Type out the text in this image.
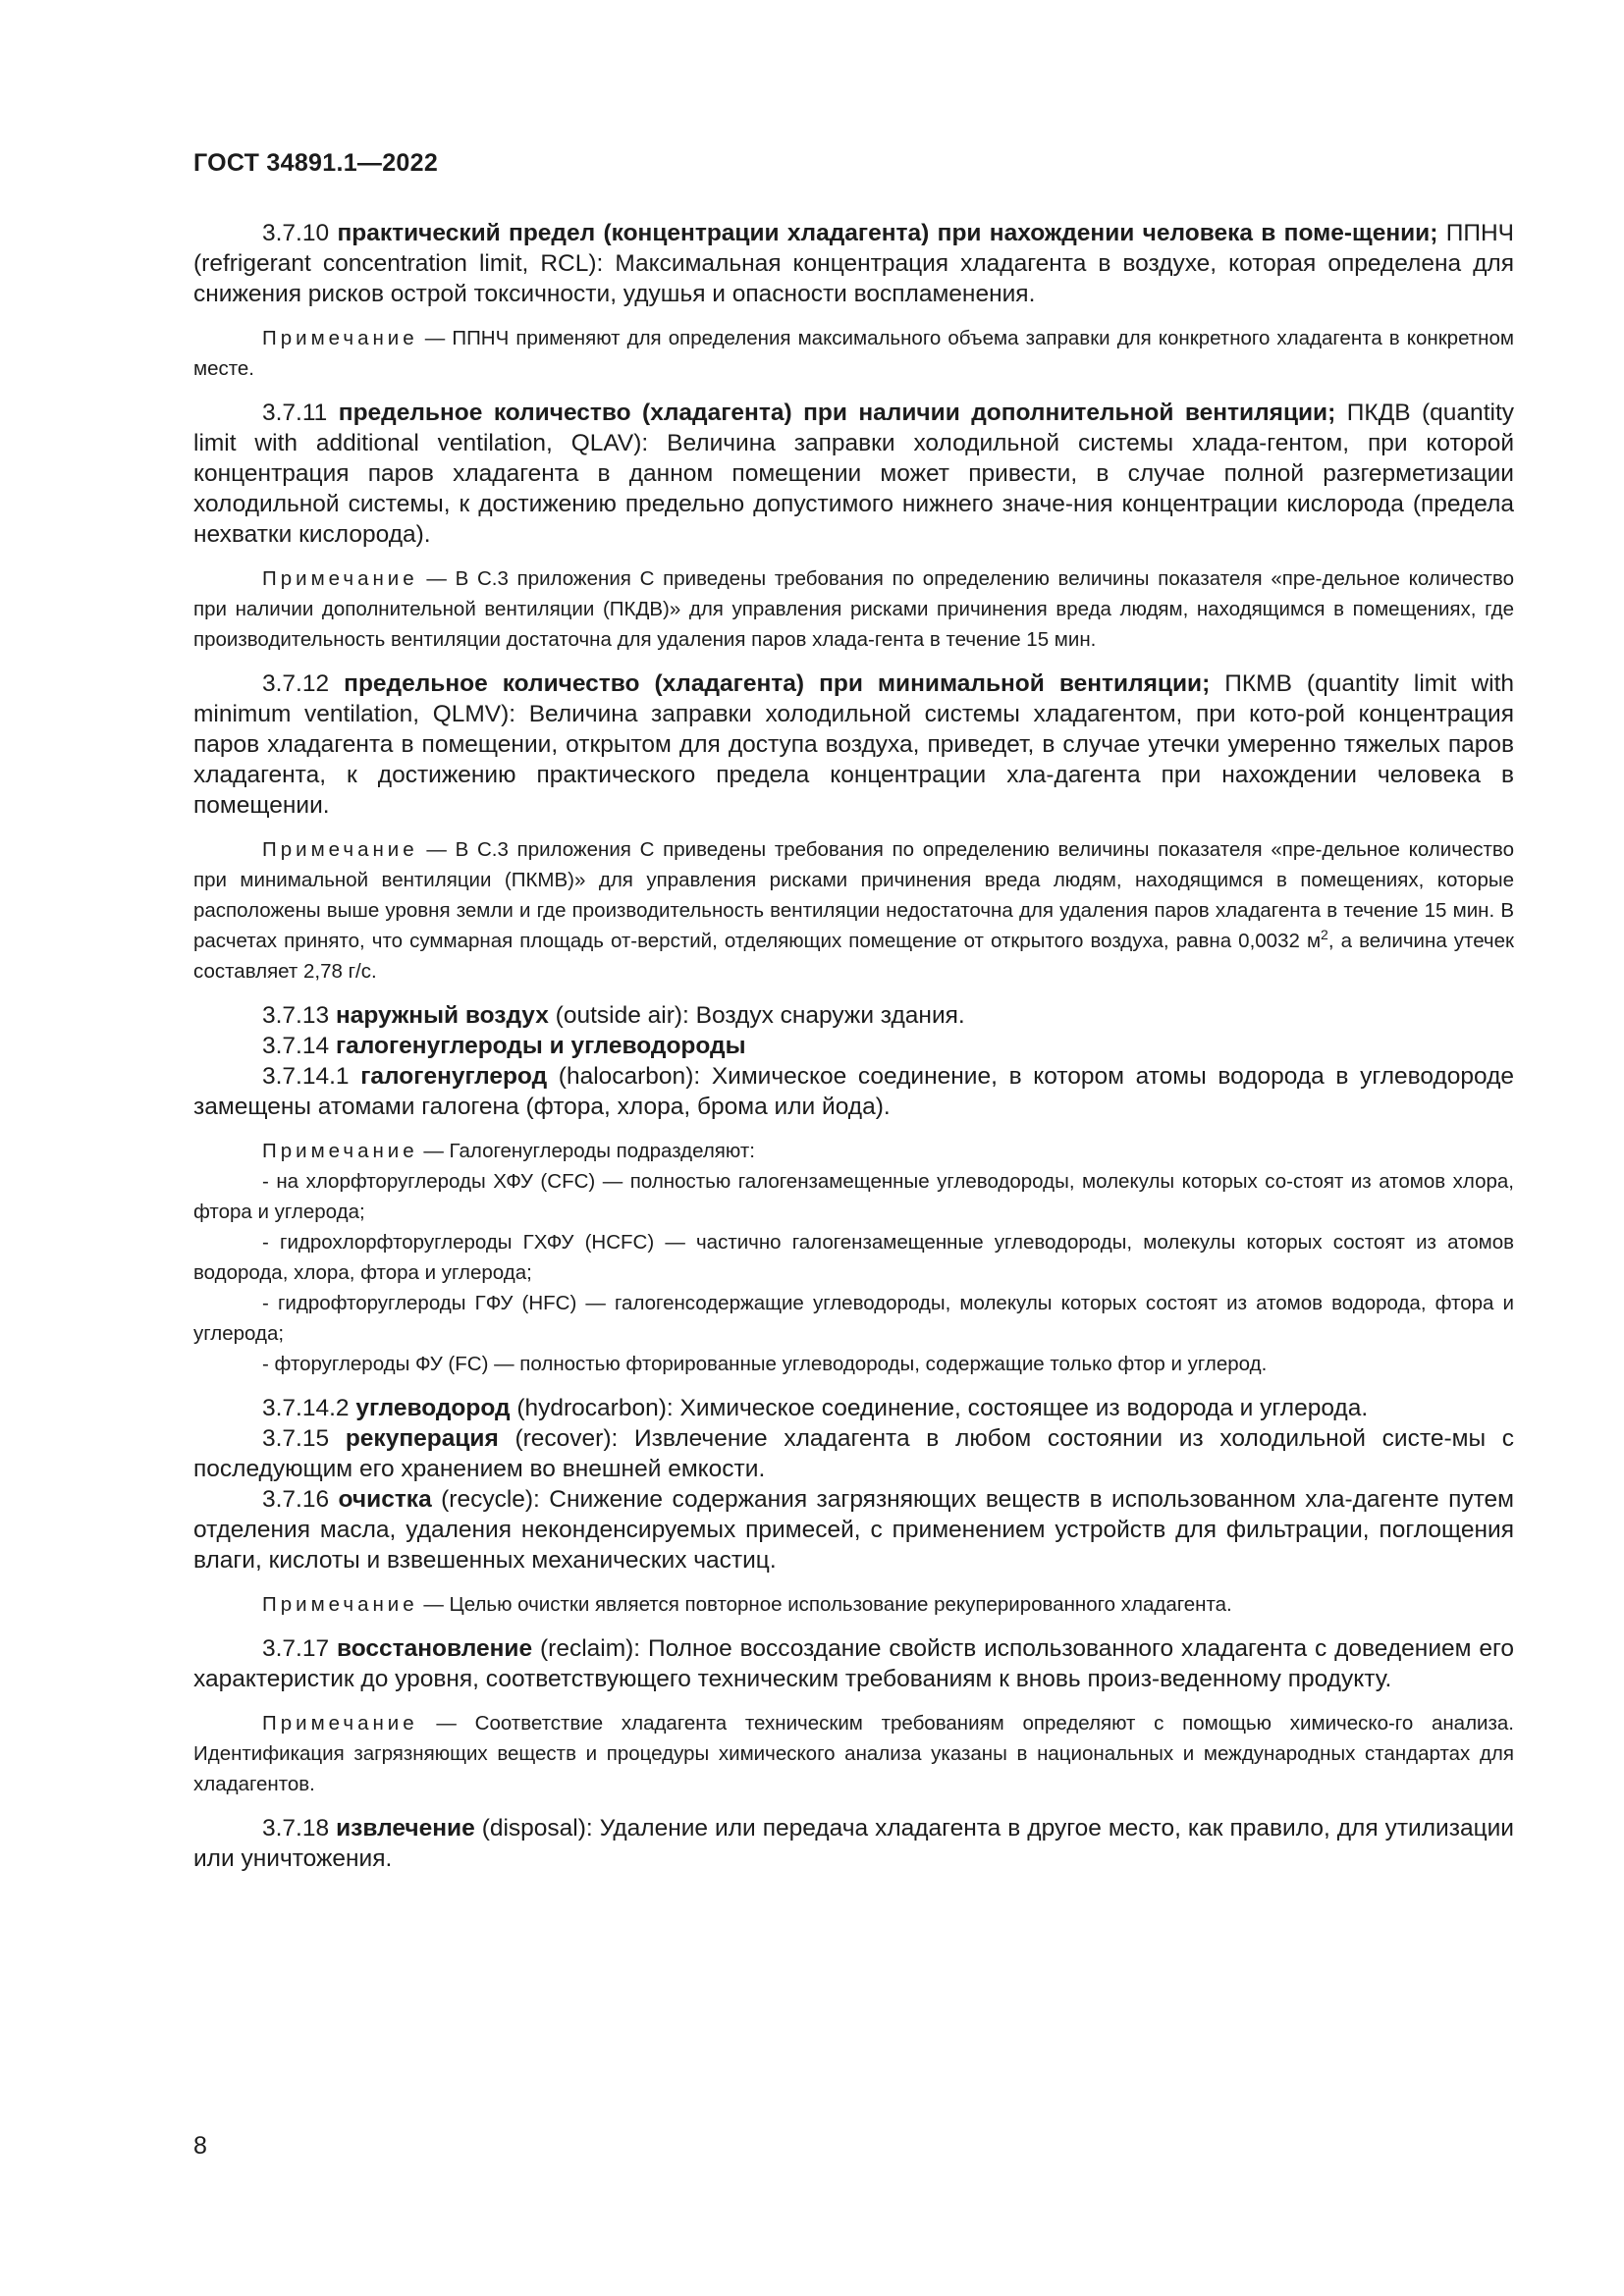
ГОСТ 34891.1—2022

3.7.10 практический предел (концентрации хладагента) при нахождении человека в поме-щении; ППНЧ (refrigerant concentration limit, RCL): Максимальная концентрация хладагента в воздухе, которая определена для снижения рисков острой токсичности, удушья и опасности воспламенения.

Примечание — ППНЧ применяют для определения максимального объема заправки для конкретного хладагента в конкретном месте.

3.7.11 предельное количество (хладагента) при наличии дополнительной вентиляции; ПКДВ (quantity limit with additional ventilation, QLAV): Величина заправки холодильной системы хлада-гентом, при которой концентрация паров хладагента в данном помещении может привести, в случае полной разгерметизации холодильной системы, к достижению предельно допустимого нижнего значе-ния концентрации кислорода (предела нехватки кислорода).

Примечание — В С.3 приложения С приведены требования по определению величины показателя «пре-дельное количество при наличии дополнительной вентиляции (ПКДВ)» для управления рисками причинения вреда людям, находящимся в помещениях, где производительность вентиляции достаточна для удаления паров хлада-гента в течение 15 мин.

3.7.12 предельное количество (хладагента) при минимальной вентиляции; ПКМВ (quantity limit with minimum ventilation, QLMV): Величина заправки холодильной системы хладагентом, при кото-рой концентрация паров хладагента в помещении, открытом для доступа воздуха, приведет, в случае утечки умеренно тяжелых паров хладагента, к достижению практического предела концентрации хла-дагента при нахождении человека в помещении.

Примечание — В С.3 приложения С приведены требования по определению величины показателя «пре-дельное количество при минимальной вентиляции (ПКМВ)» для управления рисками причинения вреда людям, находящимся в помещениях, которые расположены выше уровня земли и где производительность вентиляции недостаточна для удаления паров хладагента в течение 15 мин. В расчетах принято, что суммарная площадь от-верстий, отделяющих помещение от открытого воздуха, равна 0,0032 $м^2$, а величина утечек составляет 2,78 г/с.

3.7.13 наружный воздух (outside air): Воздух снаружи здания.

3.7.14 галогенуглероды и углеводороды

3.7.14.1 галогенуглерод (halocarbon): Химическое соединение, в котором атомы водорода в углеводороде замещены атомами галогена (фтора, хлора, брома или йода).

Примечание — Галогенуглероды подразделяют:

- на хлорфторуглероды ХФУ (CFC) — полностью галогензамещенные углеводороды, молекулы которых со-стоят из атомов хлора, фтора и углерода;

- гидрохлорфторуглероды ГХФУ (HCFC) — частично галогензамещенные углеводороды, молекулы которых состоят из атомов водорода, хлора, фтора и углерода;

- гидрофторуглероды ГФУ (HFC) — галогенсодержащие углеводороды, молекулы которых состоят из атомов водорода, фтора и углерода;

- фторуглероды ФУ (FC) — полностью фторированные углеводороды, содержащие только фтор и углерод.

3.7.14.2 углеводород (hydrocarbon): Химическое соединение, состоящее из водорода и углерода.

3.7.15 рекуперация (recover): Извлечение хладагента в любом состоянии из холодильной систе-мы с последующим его хранением во внешней емкости.

3.7.16 очистка (recycle): Снижение содержания загрязняющих веществ в использованном хла-дагенте путем отделения масла, удаления неконденсируемых примесей, с применением устройств для фильтрации, поглощения влаги, кислоты и взвешенных механических частиц.

Примечание — Целью очистки является повторное использование рекуперированного хладагента.

3.7.17 восстановление (reclaim): Полное воссоздание свойств использованного хладагента с доведением его характеристик до уровня, соответствующего техническим требованиям к вновь произ-веденному продукту.

Примечание — Соответствие хладагента техническим требованиям определяют с помощью химическо-го анализа. Идентификация загрязняющих веществ и процедуры химического анализа указаны в национальных и международных стандартах для хладагентов.

3.7.18 извлечение (disposal): Удаление или передача хладагента в другое место, как правило, для утилизации или уничтожения.

8
